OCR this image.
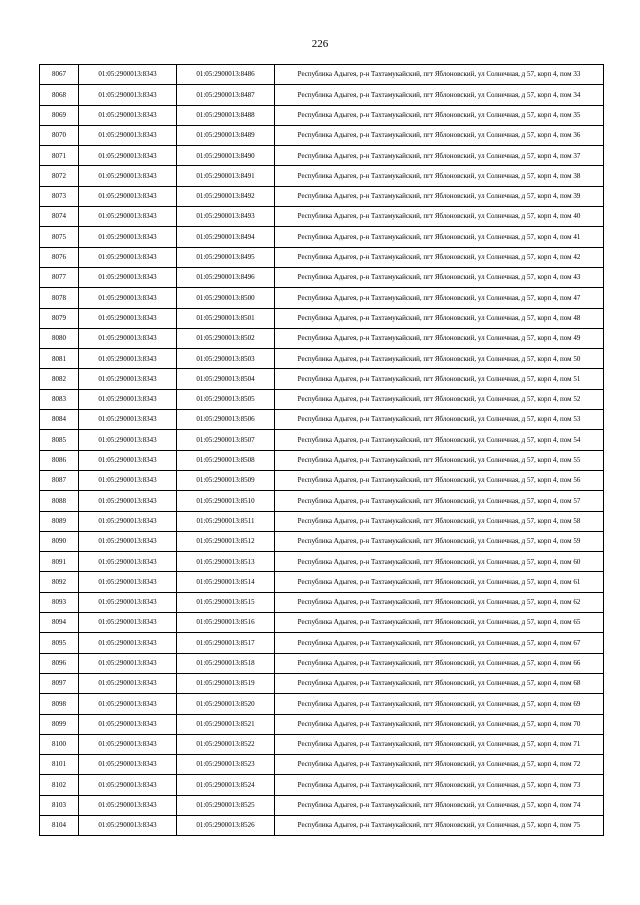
226
8067	01:05:2900013:8343	01:05:2900013:8486	Республика Адыгея, р-н Тахтамукайский, пгт Яблоновский, ул Солнечная, д 57, корп 4, пом 33
8068	01:05:2900013:8343	01:05:2900013:8487	Республика Адыгея, р-н Тахтамукайский, пгт Яблоновский, ул Солнечная, д 57, корп 4, пом 34
8069	01:05:2900013:8343	01:05:2900013:8488	Республика Адыгея, р-н Тахтамукайский, пгт Яблоновский, ул Солнечная, д 57, корп 4, пом 35
8070	01:05:2900013:8343	01:05:2900013:8489	Республика Адыгея, р-н Тахтамукайский, пгт Яблоновский, ул Солнечная, д 57, корп 4, пом 36
8071	01:05:2900013:8343	01:05:2900013:8490	Республика Адыгея, р-н Тахтамукайский, пгт Яблоновский, ул Солнечная, д 57, корп 4, пом 37
8072	01:05:2900013:8343	01:05:2900013:8491	Республика Адыгея, р-н Тахтамукайский, пгт Яблоновский, ул Солнечная, д 57, корп 4, пом 38
8073	01:05:2900013:8343	01:05:2900013:8492	Республика Адыгея, р-н Тахтамукайский, пгт Яблоновский, ул Солнечная, д 57, корп 4, пом 39
8074	01:05:2900013:8343	01:05:2900013:8493	Республика Адыгея, р-н Тахтамукайский, пгт Яблоновский, ул Солнечная, д 57, корп 4, пом 40
8075	01:05:2900013:8343	01:05:2900013:8494	Республика Адыгея, р-н Тахтамукайский, пгт Яблоновский, ул Солнечная, д 57, корп 4, пом 41
8076	01:05:2900013:8343	01:05:2900013:8495	Республика Адыгея, р-н Тахтамукайский, пгт Яблоновский, ул Солнечная, д 57, корп 4, пом 42
8077	01:05:2900013:8343	01:05:2900013:8496	Республика Адыгея, р-н Тахтамукайский, пгт Яблоновский, ул Солнечная, д 57, корп 4, пом 43
8078	01:05:2900013:8343	01:05:2900013:8500	Республика Адыгея, р-н Тахтамукайский, пгт Яблоновский, ул Солнечная, д 57, корп 4, пом 47
8079	01:05:2900013:8343	01:05:2900013:8501	Республика Адыгея, р-н Тахтамукайский, пгт Яблоновский, ул Солнечная, д 57, корп 4, пом 48
8080	01:05:2900013:8343	01:05:2900013:8502	Республика Адыгея, р-н Тахтамукайский, пгт Яблоновский, ул Солнечная, д 57, корп 4, пом 49
8081	01:05:2900013:8343	01:05:2900013:8503	Республика Адыгея, р-н Тахтамукайский, пгт Яблоновский, ул Солнечная, д 57, корп 4, пом 50
8082	01:05:2900013:8343	01:05:2900013:8504	Республика Адыгея, р-н Тахтамукайский, пгт Яблоновский, ул Солнечная, д 57, корп 4, пом 51
8083	01:05:2900013:8343	01:05:2900013:8505	Республика Адыгея, р-н Тахтамукайский, пгт Яблоновский, ул Солнечная, д 57, корп 4, пом 52
8084	01:05:2900013:8343	01:05:2900013:8506	Республика Адыгея, р-н Тахтамукайский, пгт Яблоновский, ул Солнечная, д 57, корп 4, пом 53
8085	01:05:2900013:8343	01:05:2900013:8507	Республика Адыгея, р-н Тахтамукайский, пгт Яблоновский, ул Солнечная, д 57, корп 4, пом 54
8086	01:05:2900013:8343	01:05:2900013:8508	Республика Адыгея, р-н Тахтамукайский, пгт Яблоновский, ул Солнечная, д 57, корп 4, пом 55
8087	01:05:2900013:8343	01:05:2900013:8509	Республика Адыгея, р-н Тахтамукайский, пгт Яблоновский, ул Солнечная, д 57, корп 4, пом 56
8088	01:05:2900013:8343	01:05:2900013:8510	Республика Адыгея, р-н Тахтамукайский, пгт Яблоновский, ул Солнечная, д 57, корп 4, пом 57
8089	01:05:2900013:8343	01:05:2900013:8511	Республика Адыгея, р-н Тахтамукайский, пгт Яблоновский, ул Солнечная, д 57, корп 4, пом 58
8090	01:05:2900013:8343	01:05:2900013:8512	Республика Адыгея, р-н Тахтамукайский, пгт Яблоновский, ул Солнечная, д 57, корп 4, пом 59
8091	01:05:2900013:8343	01:05:2900013:8513	Республика Адыгея, р-н Тахтамукайский, пгт Яблоновский, ул Солнечная, д 57, корп 4, пом 60
8092	01:05:2900013:8343	01:05:2900013:8514	Республика Адыгея, р-н Тахтамукайский, пгт Яблоновский, ул Солнечная, д 57, корп 4, пом 61
8093	01:05:2900013:8343	01:05:2900013:8515	Республика Адыгея, р-н Тахтамукайский, пгт Яблоновский, ул Солнечная, д 57, корп 4, пом 62
8094	01:05:2900013:8343	01:05:2900013:8516	Республика Адыгея, р-н Тахтамукайский, пгт Яблоновский, ул Солнечная, д 57, корп 4, пом 65
8095	01:05:2900013:8343	01:05:2900013:8517	Республика Адыгея, р-н Тахтамукайский, пгт Яблоновский, ул Солнечная, д 57, корп 4, пом 67
8096	01:05:2900013:8343	01:05:2900013:8518	Республика Адыгея, р-н Тахтамукайский, пгт Яблоновский, ул Солнечная, д 57, корп 4, пом 66
8097	01:05:2900013:8343	01:05:2900013:8519	Республика Адыгея, р-н Тахтамукайский, пгт Яблоновский, ул Солнечная, д 57, корп 4, пом 68
8098	01:05:2900013:8343	01:05:2900013:8520	Республика Адыгея, р-н Тахтамукайский, пгт Яблоновский, ул Солнечная, д 57, корп 4, пом 69
8099	01:05:2900013:8343	01:05:2900013:8521	Республика Адыгея, р-н Тахтамукайский, пгт Яблоновский, ул Солнечная, д 57, корп 4, пом 70
8100	01:05:2900013:8343	01:05:2900013:8522	Республика Адыгея, р-н Тахтамукайский, пгт Яблоновский, ул Солнечная, д 57, корп 4, пом 71
8101	01:05:2900013:8343	01:05:2900013:8523	Республика Адыгея, р-н Тахтамукайский, пгт Яблоновский, ул Солнечная, д 57, корп 4, пом 72
8102	01:05:2900013:8343	01:05:2900013:8524	Республика Адыгея, р-н Тахтамукайский, пгт Яблоновский, ул Солнечная, д 57, корп 4, пом 73
8103	01:05:2900013:8343	01:05:2900013:8525	Республика Адыгея, р-н Тахтамукайский, пгт Яблоновский, ул Солнечная, д 57, корп 4, пом 74
8104	01:05:2900013:8343	01:05:2900013:8526	Республика Адыгея, р-н Тахтамукайский, пгт Яблоновский, ул Солнечная, д 57, корп 4, пом 75
